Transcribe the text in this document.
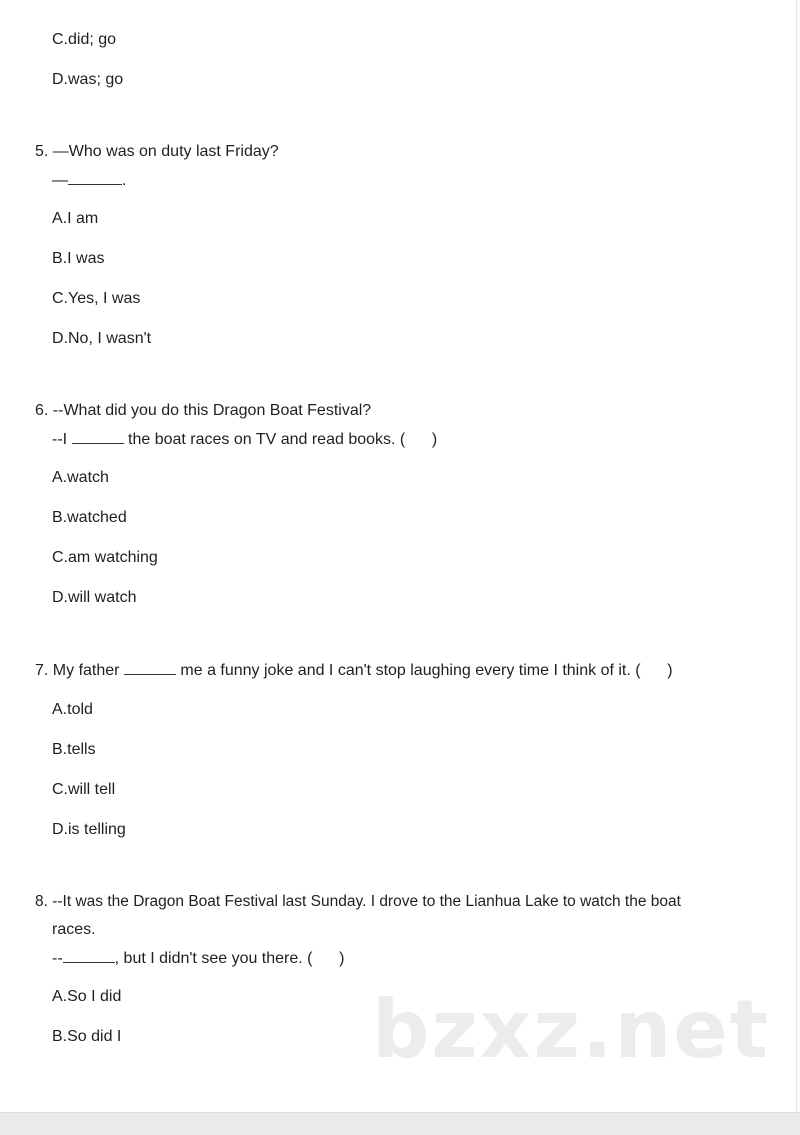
C.did; go
D.was; go
5. —Who was on duty last Friday?
—	.
A.I am
B.I was
C.Yes, I was
D.No, I wasn't
6. --What did you do this Dragon Boat Festival?
--I	the boat races on TV and read books. (      )
A.watch
B.watched
C.am watching
D.will watch
7. My father	me a funny joke and I can't stop laughing every time I think of it. (      )
A.told
B.tells
C.will tell
D.is telling
8. --It was the Dragon Boat Festival last Sunday. I drove to the Lianhua Lake to watch the boat
races.
--	, but I didn't see you there. (      )
A.So I did
B.So did I	bzxz.net
